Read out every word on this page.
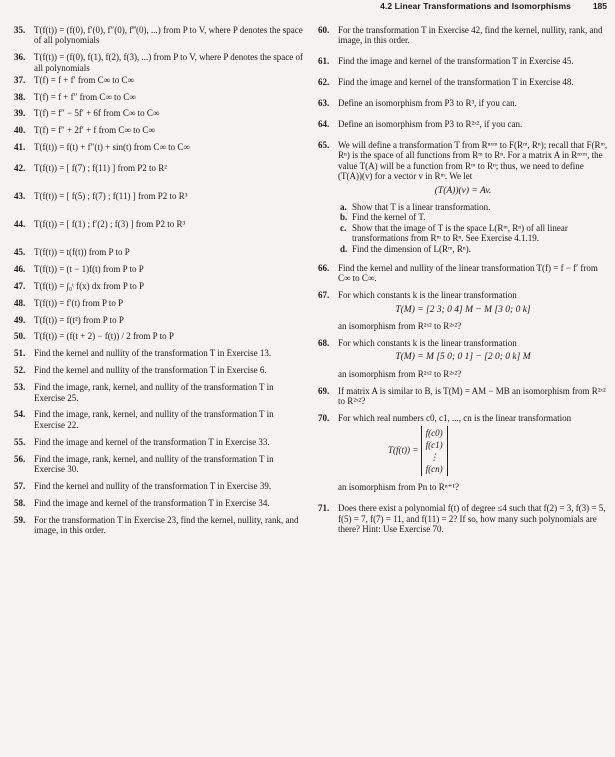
4.2 Linear Transformations and Isomorphisms	185
35. T(f(t)) = (f(0), f′(0), f″(0), f‴(0), ...) from P to V, where P denotes the space of all polynomials
36. T(f(t)) = (f(0), f(1), f(2), f(3), ...) from P to V, where P denotes the space of all polynomials
37. T(f) = f + f′ from C∞ to C∞
38. T(f) = f + f″ from C∞ to C∞
39. T(f) = f″ − 5f′ + 6f from C∞ to C∞
40. T(f) = f″ + 2f′ + f from C∞ to C∞
41. T(f(t)) = f(t) + f″(t) + sin(t) from C∞ to C∞
42. T(f(t)) = [ f(7) ; f(11) ] from P2 to R²
43. T(f(t)) = [ f(5) ; f(7) ; f(11) ] from P2 to R³
44. T(f(t)) = [ f(1) ; f′(2) ; f(3) ] from P2 to R³
45. T(f(t)) = t(f(t)) from P to P
46. T(f(t)) = (t − 1)f(t) from P to P
47. T(f(t)) = ∫₀ᵗ f(x) dx from P to P
48. T(f(t)) = f′(t) from P to P
49. T(f(t)) = f(t²) from P to P
50. T(f(t)) = (f(t + 2) − f(t)) / 2 from P to P
51. Find the kernel and nullity of the transformation T in Exercise 13.
52. Find the kernel and nullity of the transformation T in Exercise 6.
53. Find the image, rank, kernel, and nullity of the transformation T in Exercise 25.
54. Find the image, rank, kernel, and nullity of the transformation T in Exercise 22.
55. Find the image and kernel of the transformation T in Exercise 33.
56. Find the image, rank, kernel, and nullity of the transformation T in Exercise 30.
57. Find the kernel and nullity of the transformation T in Exercise 39.
58. Find the image and kernel of the transformation T in Exercise 34.
59. For the transformation T in Exercise 23, find the kernel, nullity, rank, and image, in this order.
60. For the transformation T in Exercise 42, find the kernel, nullity, rank, and image, in this order.
61. Find the image and kernel of the transformation T in Exercise 45.
62. Find the image and kernel of the transformation T in Exercise 48.
63. Define an isomorphism from P3 to R³, if you can.
64. Define an isomorphism from P3 to R²ˣ², if you can.
65. We will define a transformation T from Rⁿˣᵐ to F(Rᵐ, Rⁿ); recall that F(Rᵐ, Rⁿ) is the space of all functions from Rᵐ to Rⁿ. For a matrix A in Rⁿˣᵐ, the value T(A) will be a function from Rᵐ to Rⁿ; thus, we need to define (T(A))(v) for a vector v in Rᵐ. We let
(T(A))(v) = Av.
a. Show that T is a linear transformation.
b. Find the kernel of T.
c. Show that the image of T is the space L(Rᵐ, Rⁿ) of all linear transformations from Rᵐ to Rⁿ. See Exercise 4.1.19.
d. Find the dimension of L(Rᵐ, Rⁿ).
66. Find the kernel and nullity of the linear transformation T(f) = f − f′ from C∞ to C∞.
67. For which constants k is the linear transformation
T(M) = [2 3; 0 4] M − M [3 0; 0 k]
an isomorphism from R²ˣ² to R²ˣ²?
68. For which constants k is the linear transformation
T(M) = M [5 0; 0 1] − [2 0; 0 k] M
an isomorphism from R²ˣ² to R²ˣ²?
69. If matrix A is similar to B, is T(M) = AM − MB an isomorphism from R²ˣ² to R²ˣ²?
70. For which real numbers c0, c1, ..., cn is the linear transformation
T(f(t)) =
f(c0)
f(c1)
⋮
f(cn)
an isomorphism from Pn to Rⁿ⁺¹?
71. Does there exist a polynomial f(t) of degree ≤4 such that f(2) = 3, f(3) = 5, f(5) = 7, f(7) = 11, and f(11) = 2? If so, how many such polynomials are there? Hint: Use Exercise 70.
